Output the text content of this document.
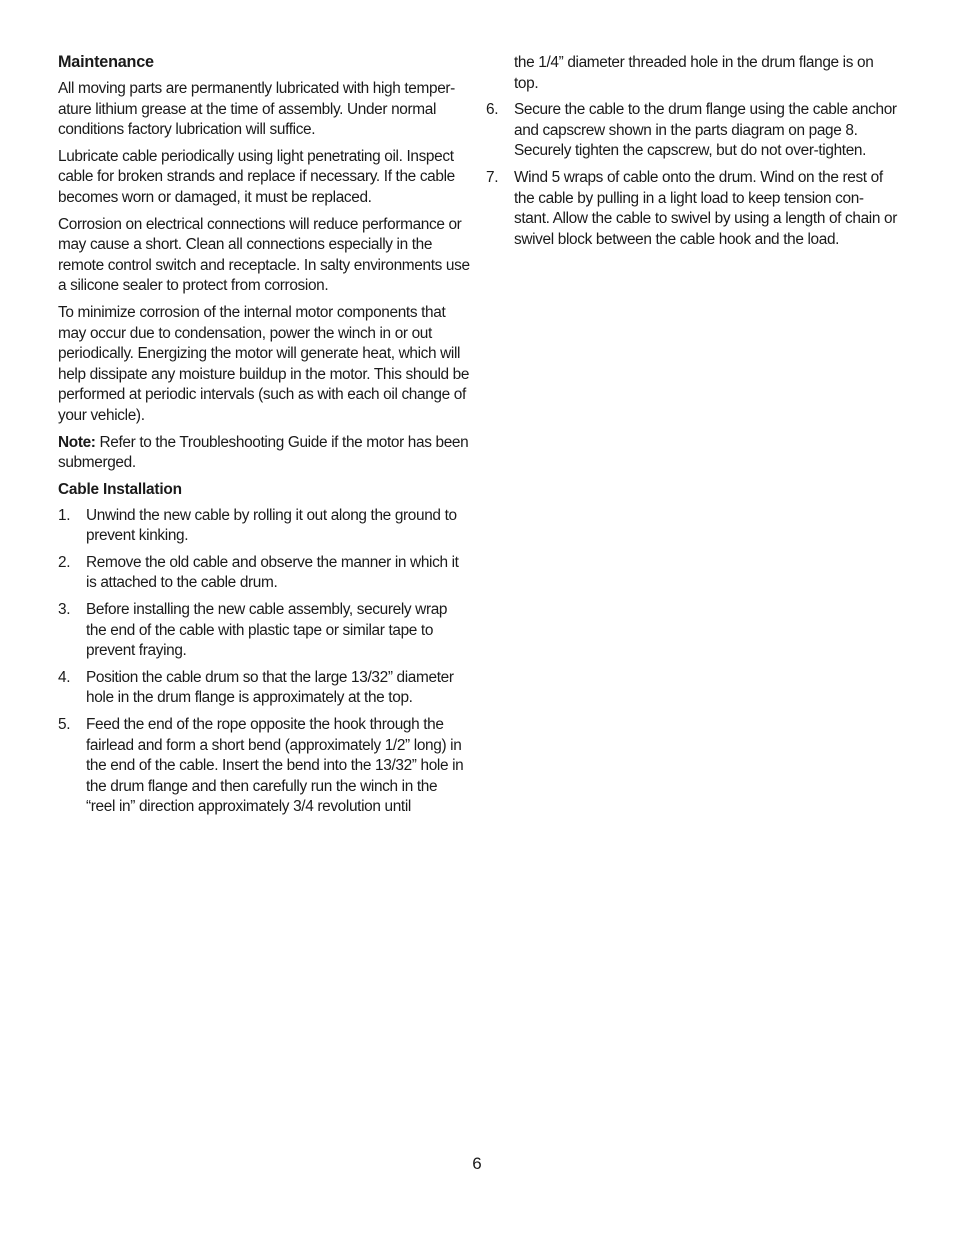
Maintenance

All moving parts are permanently lubricated with high temper-ature lithium grease at the time of assembly. Under normal conditions factory lubrication will suffice.

Lubricate cable periodically using light penetrating oil. Inspect cable for broken strands and replace if necessary. If the cable becomes worn or damaged, it must be replaced.

Corrosion on electrical connections will reduce performance or may cause a short. Clean all connections especially in the remote control switch and receptacle. In salty environments use a silicone sealer to protect from corrosion.

To minimize corrosion of the internal motor components that may occur due to condensation, power the winch in or out periodically. Energizing the motor will generate heat, which will help dissipate any moisture buildup in the motor. This should be performed at periodic intervals (such as with each oil change of your vehicle).

Note: Refer to the Troubleshooting Guide if the motor has been submerged.

Cable Installation
1. Unwind the new cable by rolling it out along the ground to prevent kinking.
2. Remove the old cable and observe the manner in which it is attached to the cable drum.
3. Before installing the new cable assembly, securely wrap the end of the cable with plastic tape or similar tape to prevent fraying.
4. Position the cable drum so that the large 13/32” diameter hole in the drum flange is approximately at the top.
5. Feed the end of the rope opposite the hook through the fairlead and form a short bend (approximately 1/2” long) in the end of the cable. Insert the bend into the 13/32” hole in the drum flange and then carefully run the winch in the “reel in” direction approximately 3/4 revolution until
the 1/4” diameter threaded hole in the drum flange is on top.
6. Secure the cable to the drum flange using the cable anchor and capscrew shown in the parts diagram on page 8. Securely tighten the capscrew, but do not over-tighten.
7. Wind 5 wraps of cable onto the drum. Wind on the rest of the cable by pulling in a light load to keep tension con-stant. Allow the cable to swivel by using a length of chain or swivel block between the cable hook and the load.
6
